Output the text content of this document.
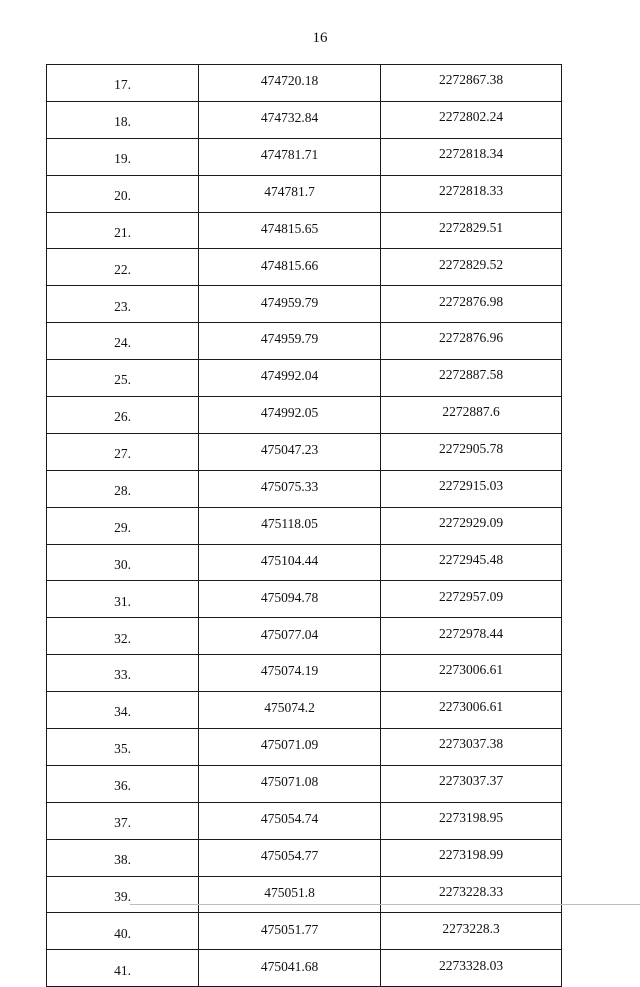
16
17.	474720.18	2272867.38
18.	474732.84	2272802.24
19.	474781.71	2272818.34
20.	474781.7	2272818.33
21.	474815.65	2272829.51
22.	474815.66	2272829.52
23.	474959.79	2272876.98
24.	474959.79	2272876.96
25.	474992.04	2272887.58
26.	474992.05	2272887.6
27.	475047.23	2272905.78
28.	475075.33	2272915.03
29.	475118.05	2272929.09
30.	475104.44	2272945.48
31.	475094.78	2272957.09
32.	475077.04	2272978.44
33.	475074.19	2273006.61
34.	475074.2	2273006.61
35.	475071.09	2273037.38
36.	475071.08	2273037.37
37.	475054.74	2273198.95
38.	475054.77	2273198.99
39.	475051.8	2273228.33
40.	475051.77	2273228.3
41.	475041.68	2273328.03
